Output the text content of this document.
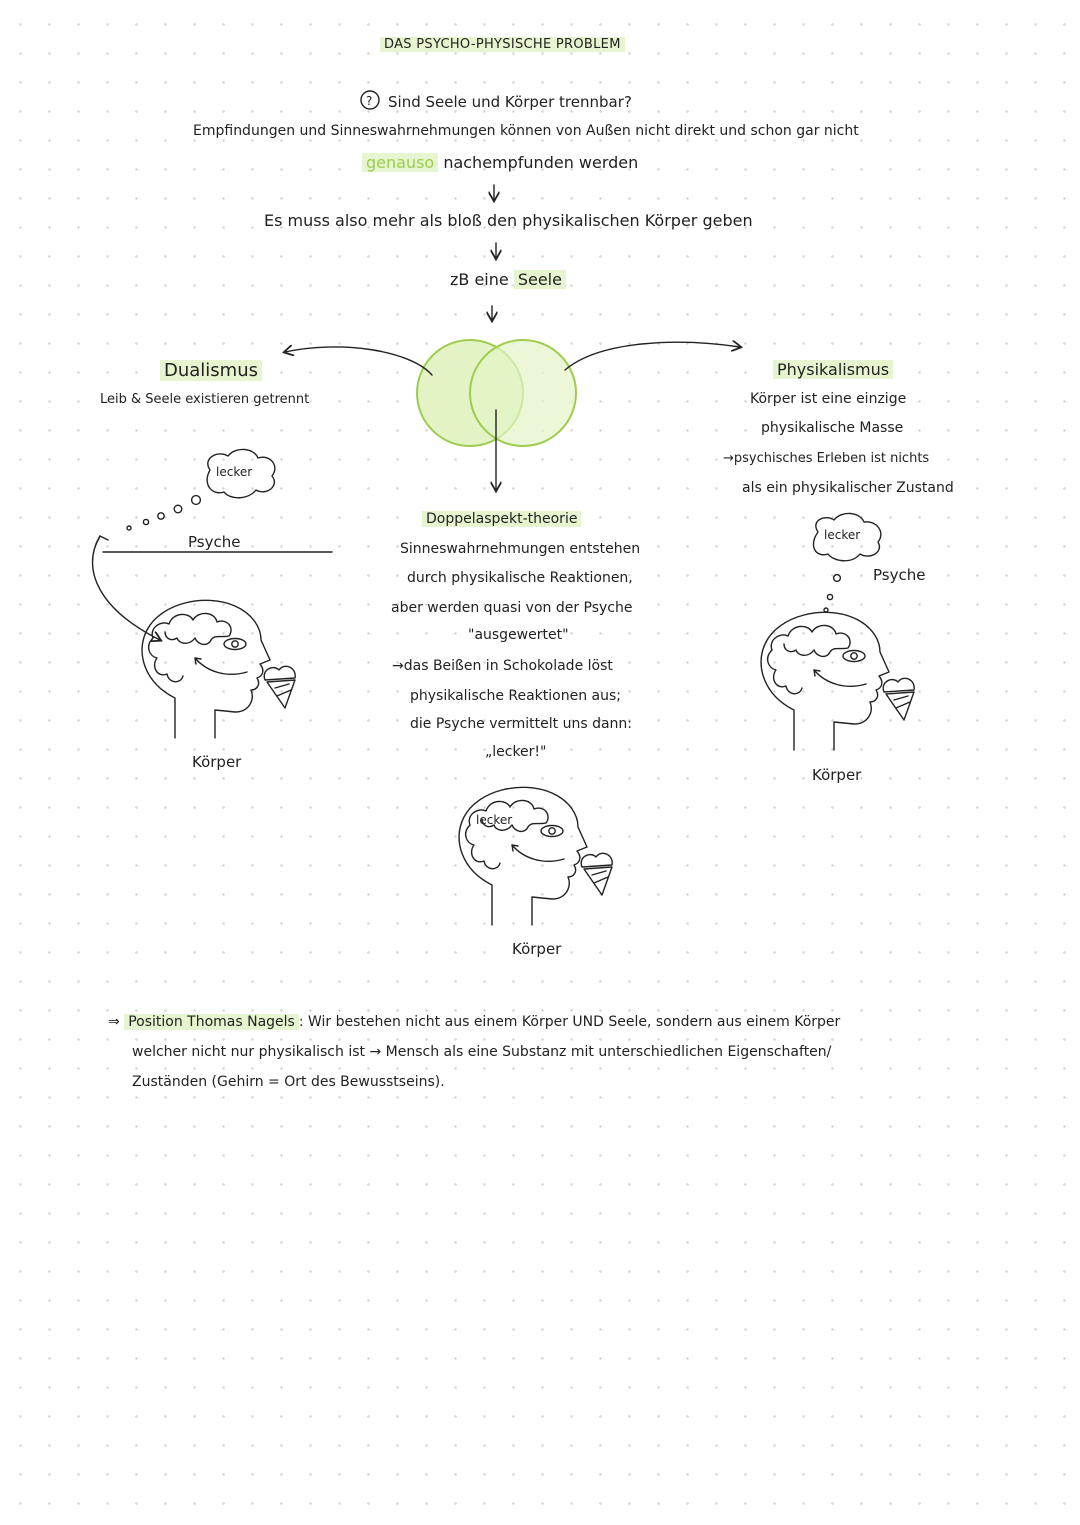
DAS PSYCHO-PHYSISCHE PROBLEM
Sind Seele und Körper trennbar?
Empfindungen und Sinneswahrnehmungen können von Außen nicht direkt und schon gar nicht
genauso nachempfunden werden
Es muss also mehr als bloß den physikalischen Körper geben
zB eine Seele
Dualismus
Leib & Seele existieren getrennt
lecker
Psyche
Körper
Physikalismus
Körper ist eine einzige
physikalische Masse
→psychisches Erleben ist nichts
als ein physikalischer Zustand
lecker
Psyche
Körper
Doppelaspekt-theorie
Sinneswahrnehmungen entstehen
durch physikalische Reaktionen,
aber werden quasi von der Psyche
"ausgewertet"
→das Beißen in Schokolade löst
physikalische Reaktionen aus;
die Psyche vermittelt uns dann:
„lecker!"
lecker
Körper
⇒ Position Thomas Nagels : Wir bestehen nicht aus einem Körper UND Seele, sondern aus einem Körper
welcher nicht nur physikalisch ist → Mensch als eine Substanz mit unterschiedlichen Eigenschaften/
Zuständen (Gehirn = Ort des Bewusstseins).
?
